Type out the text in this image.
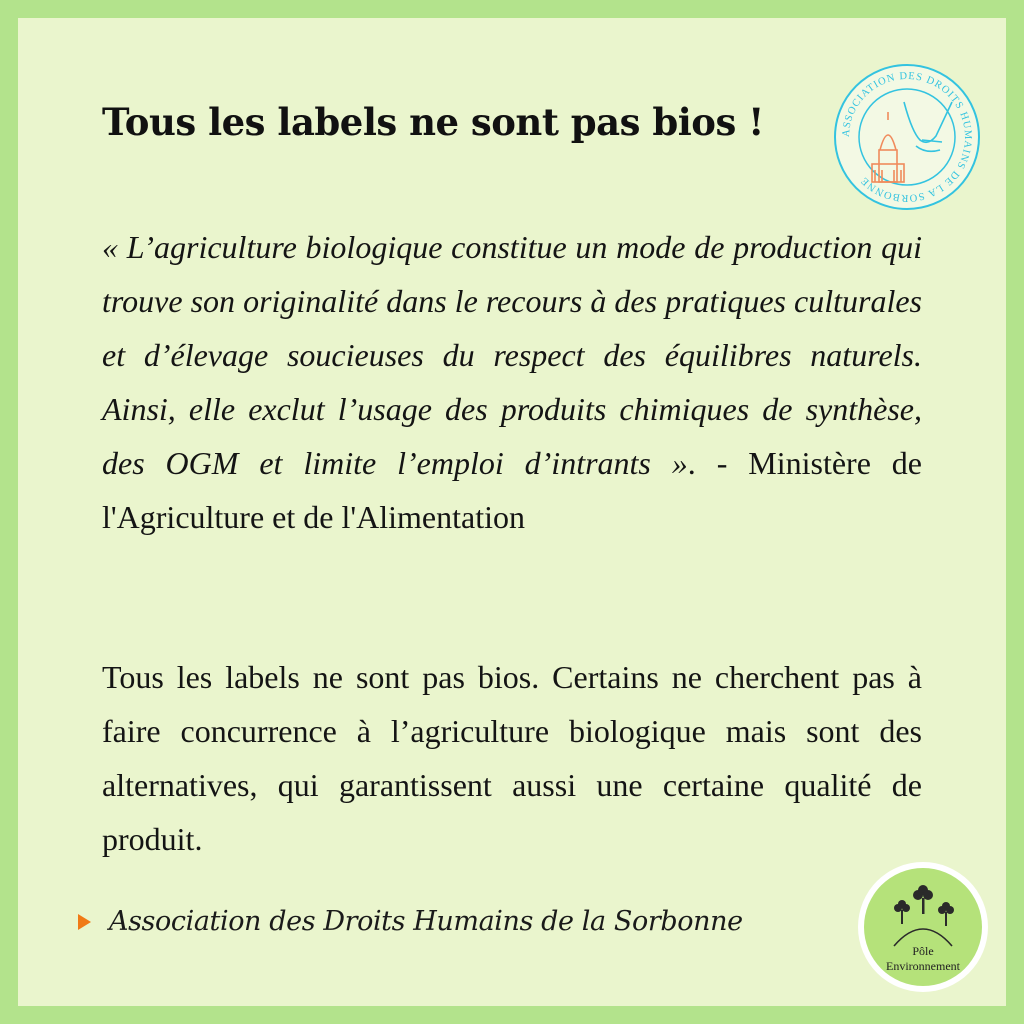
Tous les labels ne sont pas bios !	ASSOCIATION DES DROITS HUMAINS DE LA SORBONNE

« L’agriculture biologique constitue un mode de production qui trouve son originalité dans le recours à des pratiques culturales et d’élevage soucieuses du respect des équilibres naturels. Ainsi, elle exclut l’usage des produits chimiques de synthèse, des OGM et limite l’emploi d’intrants ». - Ministère de l'Agriculture et de l'Alimentation

Tous les labels ne sont pas bios. Certains ne cherchent pas à faire concurrence à l’agriculture biologique mais sont des alternatives, qui garantissent aussi une certaine qualité de produit.

Association des Droits Humains de la Sorbonne
Pôle
Environnement
